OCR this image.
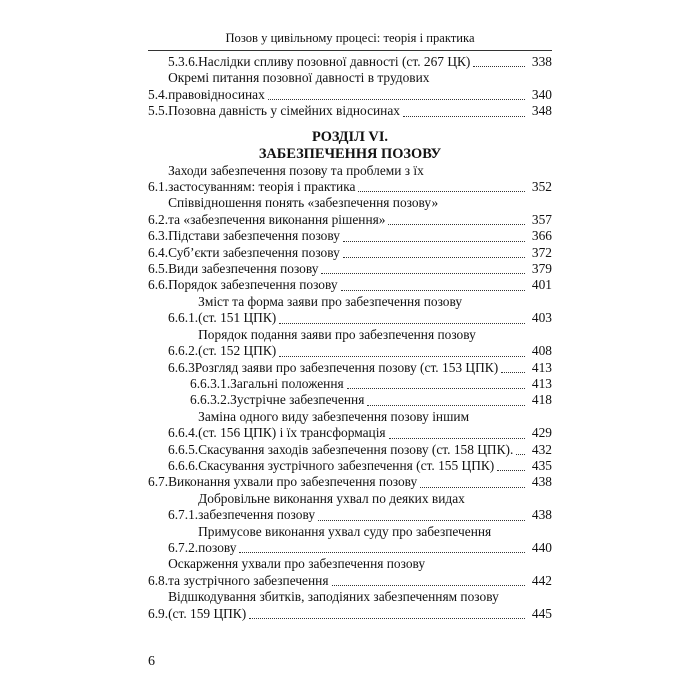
Позов у цивільному процесі: теорія і практика
5.3.6. Наслідки спливу позовної давності (ст. 267 ЦК)	338
5.4.
Окремі питання позовної давності в трудових
правовідносинах	340
5.5. Позовна давність у сімейних відносинах	348
РОЗДІЛ VI.
ЗАБЕЗПЕЧЕННЯ ПОЗОВУ
6.1.
Заходи забезпечення позову та проблеми з їх
застосуванням: теорія і практика	352
6.2.
Співвідношення понять «забезпечення позову»
та «забезпечення виконання рішення»	357
6.3. Підстави забезпечення позову	366
6.4. Суб’єкти забезпечення позову	372
6.5. Види забезпечення позову	379
6.6. Порядок забезпечення позову	401
6.6.1.
Зміст та форма заяви про забезпечення позову
(ст. 151 ЦПК)	403
6.6.2.
Порядок подання заяви про забезпечення позову
(ст. 152 ЦПК)	408
6.6.3 Розгляд заяви про забезпечення позову (ст. 153 ЦПК)	413
6.6.3.1. Загальні положення	413
6.6.3.2. Зустрічне забезпечення	418
6.6.4.
Заміна одного виду забезпечення позову іншим
(ст. 156 ЦПК) і їх трансформація	429
6.6.5. Скасування заходів забезпечення позову (ст. 158 ЦПК). 432
6.6.6. Скасування зустрічного забезпечення (ст. 155 ЦПК)	435
6.7. Виконання ухвали про забезпечення позову	438
6.7.1.
Добровільне виконання ухвал по деяких видах
забезпечення позову	438
6.7.2.
Примусове виконання ухвал суду про забезпечення
позову	440
6.8.
Оскарження ухвали про забезпечення позову
та зустрічного забезпечення	442
6.9.
Відшкодування збитків, заподіяних забезпеченням позову
(ст. 159 ЦПК)	445
6
